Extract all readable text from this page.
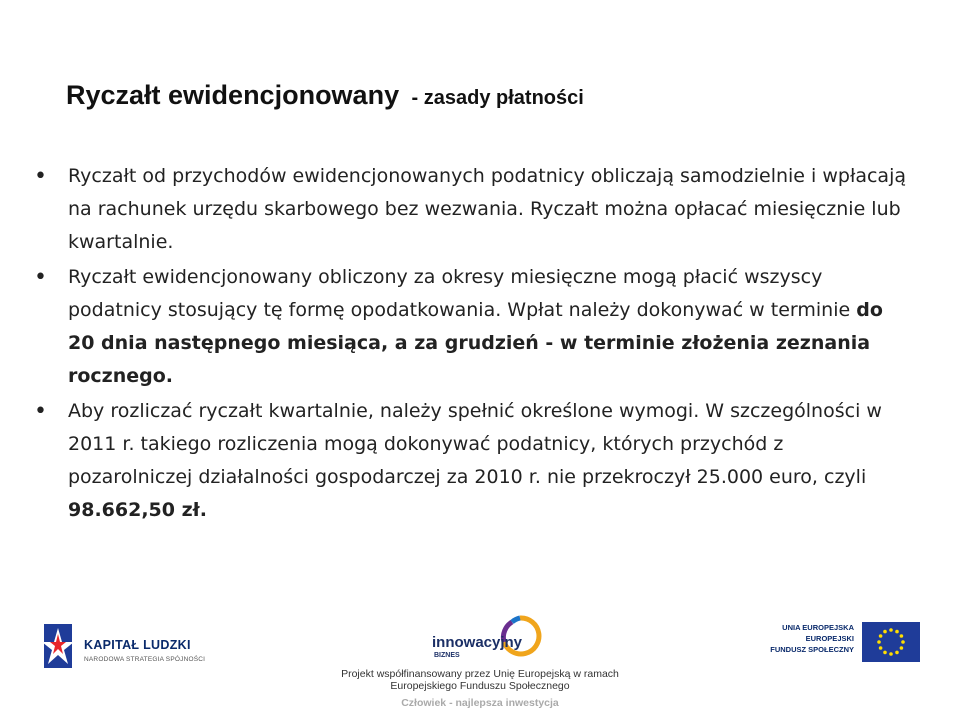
Ryczałt ewidencjonowany - zasady płatności
• Ryczałt od przychodów ewidencjonowanych podatnicy obliczają samodzielnie i wpłacają na rachunek urzędu skarbowego bez wezwania. Ryczałt można opłacać miesięcznie lub kwartalnie.
• Ryczałt ewidencjonowany obliczony za okresy miesięczne mogą płacić wszyscy podatnicy stosujący tę formę opodatkowania. Wpłat należy dokonywać w terminie do 20 dnia następnego miesiąca, a za grudzień - w terminie złożenia zeznania rocznego.
• Aby rozliczać ryczałt kwartalnie, należy spełnić określone wymogi. W szczególności w 2011 r. takiego rozliczenia mogą dokonywać podatnicy, których przychód z pozarolniczej działalności gospodarczej za 2010 r. nie przekroczył 25.000 euro, czyli 98.662,50 zł.
KAPITAŁ LUDZKI
NARODOWA STRATEGIA SPÓJNOŚCI
innowacyjny
BIZNES
UNIA EUROPEJSKA
EUROPEJSKI
FUNDUSZ SPOŁECZNY
Projekt współfinansowany przez Unię Europejską w ramach
Europejskiego Funduszu Społecznego
Człowiek - najlepsza inwestycja
